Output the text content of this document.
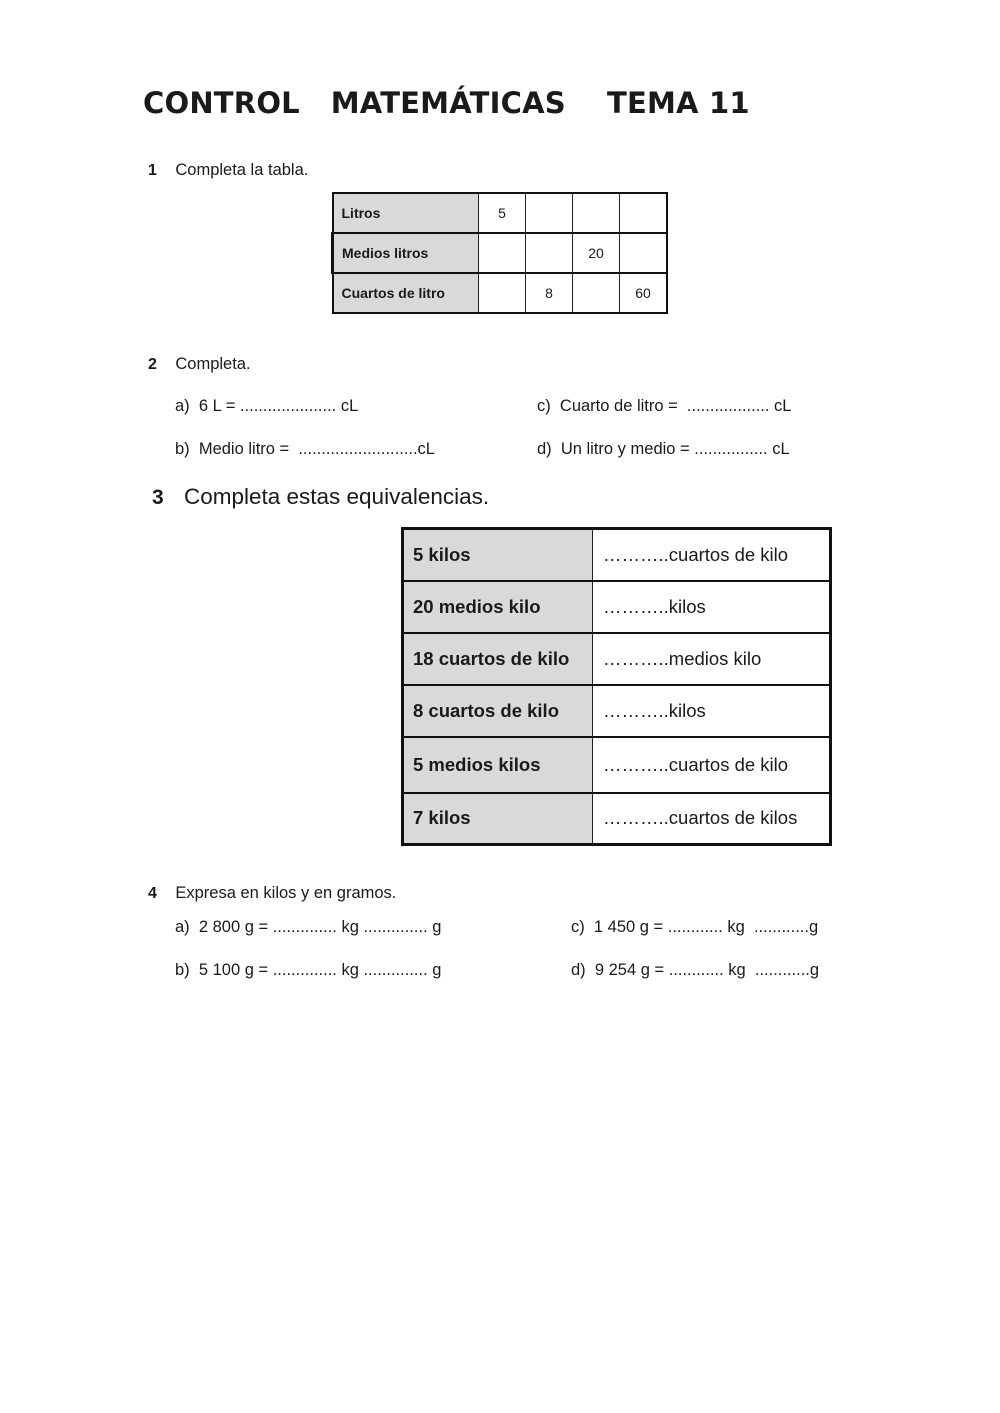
CONTROL   MATEMÁTICAS    TEMA 11
1 Completa la tabla.
Litros	5			
Medios litros			20	
Cuartos de litro		8		60
2 Completa.
a)  6 L = ..................... cL	c)  Cuarto de litro =  .................. cL
b)  Medio litro =  ..........................cL	d)  Un litro y medio = ................ cL
3 Completa estas equivalencias.
5 kilos	………..cuartos de kilo
20 medios kilo	………..kilos
18 cuartos de kilo	………..medios kilo
8 cuartos de kilo	………..kilos
5 medios kilos	………..cuartos de kilo
7 kilos	………..cuartos de kilos
4 Expresa en kilos y en gramos.
a)  2 800 g = .............. kg .............. g	c)  1 450 g = ............ kg  ............g
b)  5 100 g = .............. kg .............. g	d)  9 254 g = ............ kg  ............g
